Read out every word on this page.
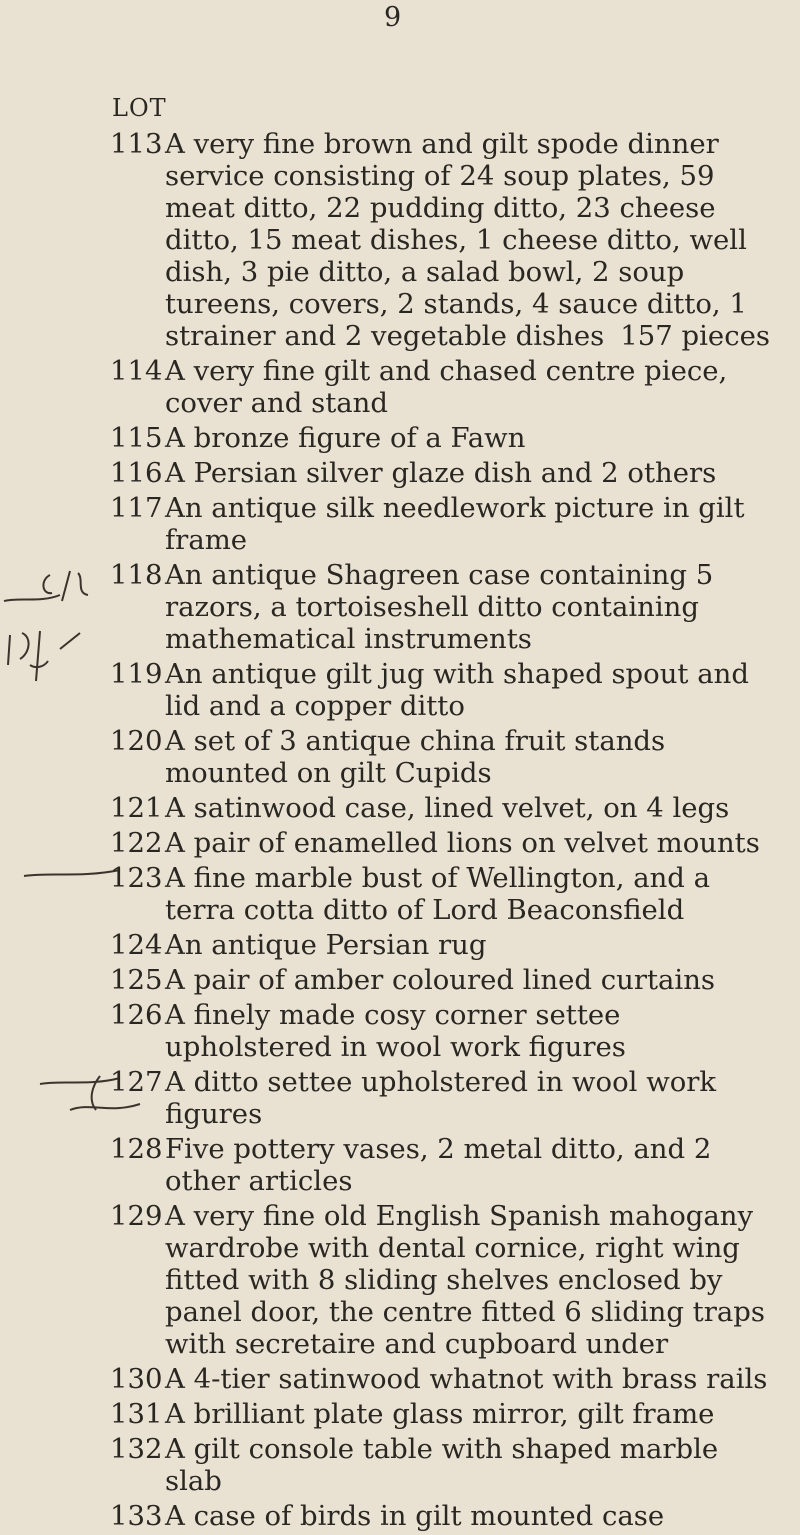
9
LOT
113 A very fine brown and gilt spode dinner service consisting of 24 soup plates, 59 meat ditto, 22 pudding ditto, 23 cheese ditto, 15 meat dishes, 1 cheese ditto, well dish, 3 pie ditto, a salad bowl, 2 soup tureens, covers, 2 stands, 4 sauce ditto, 1 strainer and 2 vegetable dishes 157 pieces
114 A very fine gilt and chased centre piece, cover and stand
115 A bronze figure of a Fawn
116 A Persian silver glaze dish and 2 others
117 An antique silk needlework picture in gilt frame
118 An antique Shagreen case containing 5 razors, a tortoiseshell ditto containing mathematical instruments
119 An antique gilt jug with shaped spout and lid and a copper ditto
120 A set of 3 antique china fruit stands mounted on gilt Cupids
121 A satinwood case, lined velvet, on 4 legs
122 A pair of enamelled lions on velvet mounts
123 A fine marble bust of Wellington, and a terra cotta ditto of Lord Beaconsfield
124 An antique Persian rug
125 A pair of amber coloured lined curtains
126 A finely made cosy corner settee upholstered in wool work figures
127 A ditto settee upholstered in wool work figures
128 Five pottery vases, 2 metal ditto, and 2 other articles
129 A very fine old English Spanish mahogany wardrobe with dental cornice, right wing fitted with 8 sliding shelves enclosed by panel door, the centre fitted 6 sliding traps with secretaire and cupboard under
130 A 4-tier satinwood whatnot with brass rails
131 A brilliant plate glass mirror, gilt frame
132 A gilt console table with shaped marble slab
133 A case of birds in gilt mounted case
